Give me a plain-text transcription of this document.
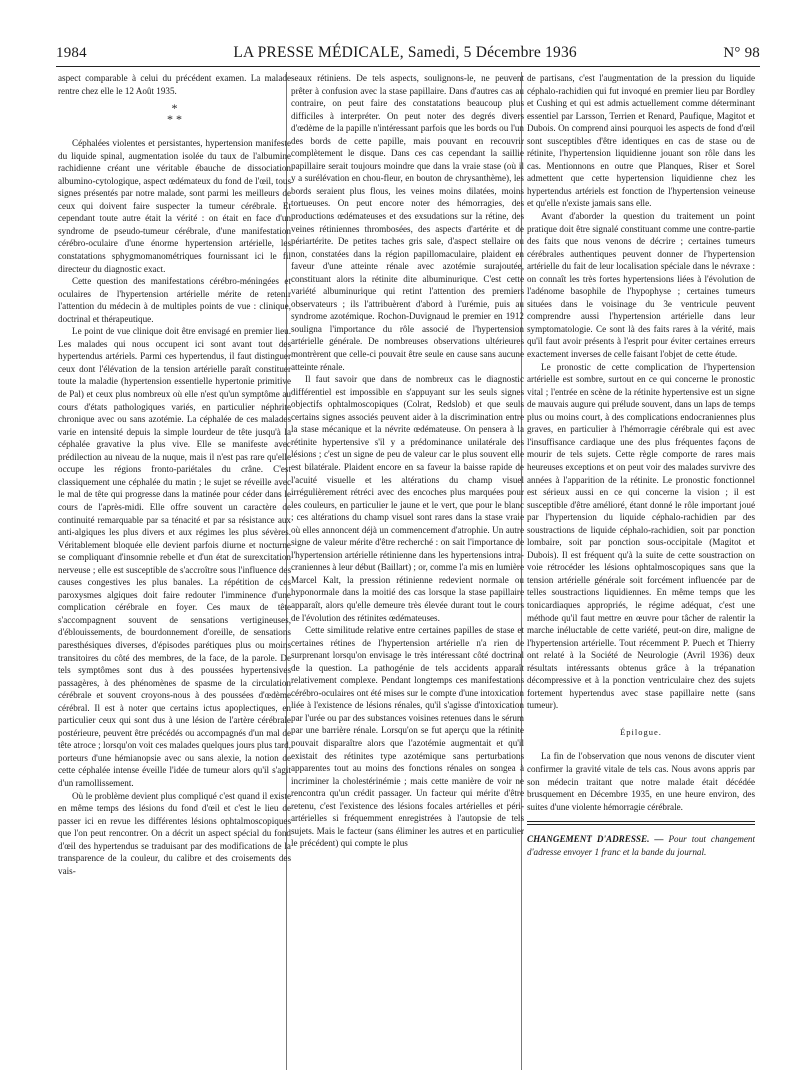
1984	LA PRESSE MÉDICALE, Samedi, 5 Décembre 1936	N° 98

aspect comparable à celui du précédent examen. La malade rentre chez elle le 12 Août 1935.

*
* *

Céphalées violentes et persistantes, hypertension manifeste du liquide spinal, augmentation isolée du taux de l'albumine rachidienne créant une véritable ébauche de dissociation albumino-cytologique, aspect œdémateux du fond de l'œil, tous signes présentés par notre malade, sont parmi les meilleurs de ceux qui doivent faire suspecter la tumeur cérébrale. Et cependant toute autre était la vérité : on était en face d'un syndrome de pseudo-tumeur cérébrale, d'une manifestation cérébro-oculaire d'une énorme hypertension artérielle, les constatations sphygmomanométriques fournissant ici le fil directeur du diagnostic exact.

Cette question des manifestations cérébro-méningées et oculaires de l'hypertension artérielle mérite de retenir l'attention du médecin à de multiples points de vue : clinique, doctrinal et thérapeutique.

Le point de vue clinique doit être envisagé en premier lieu. Les malades qui nous occupent ici sont avant tout des hypertendus artériels. Parmi ces hypertendus, il faut distinguer ceux dont l'élévation de la tension artérielle paraît constituer toute la maladie (hypertension essentielle hypertonie primitive de Pal) et ceux plus nombreux où elle n'est qu'un symptôme au cours d'états pathologiques variés, en particulier néphrite chronique avec ou sans azotémie. La céphalée de ces malades varie en intensité depuis la simple lourdeur de tête jusqu'à la céphalée gravative la plus vive. Elle se manifeste avec prédilection au niveau de la nuque, mais il n'est pas rare qu'elle occupe les régions fronto-pariétales du crâne. C'est classiquement une céphalée du matin ; le sujet se réveille avec le mal de tête qui progresse dans la matinée pour céder dans le cours de l'après-midi. Elle offre souvent un caractère de continuité remarquable par sa ténacité et par sa résistance aux anti-algiques les plus divers et aux régimes les plus sévères. Véritablement bloquée elle devient parfois diurne et nocturne se compliquant d'insomnie rebelle et d'un état de surexcitation nerveuse ; elle est susceptible de s'accroître sous l'influence des causes congestives les plus banales. La répétition de ces paroxysmes algiques doit faire redouter l'imminence d'une complication cérébrale en foyer. Ces maux de tête s'accompagnent souvent de sensations vertigineuses, d'éblouissements, de bourdonnement d'oreille, de sensations paresthésiques diverses, d'épisodes parétiques plus ou moins transitoires du côté des membres, de la face, de la parole. De tels symptômes sont dus à des poussées hypertensives passagères, à des phénomènes de spasme de la circulation cérébrale et souvent croyons-nous à des poussées d'œdème cérébral. Il est à noter que certains ictus apoplectiques, en particulier ceux qui sont dus à une lésion de l'artère cérébrale postérieure, peuvent être précédés ou accompagnés d'un mal de tête atroce ; lorsqu'on voit ces malades quelques jours plus tard, porteurs d'une hémianopsie avec ou sans alexie, la notion de cette céphalée intense éveille l'idée de tumeur alors qu'il s'agit d'un ramollissement.

Où le problème devient plus compliqué c'est quand il existe en même temps des lésions du fond d'œil et c'est le lieu de passer ici en revue les différentes lésions ophtalmoscopiques que l'on peut rencontrer. On a décrit un aspect spécial du fond d'œil des hypertendus se traduisant par des modifications de la transparence de la couleur, du calibre et des croisements des vais-

seaux rétiniens. De tels aspects, soulignons-le, ne peuvent prêter à confusion avec la stase papillaire. Dans d'autres cas au contraire, on peut faire des constatations beaucoup plus difficiles à interpréter. On peut noter des degrés divers d'œdème de la papille n'intéressant parfois que les bords ou l'un des bords de cette papille, mais pouvant en recouvrir complètement le disque. Dans ces cas cependant la saillie papillaire serait toujours moindre que dans la vraie stase (où il y a surélévation en chou-fleur, en bouton de chrysanthème), les bords seraient plus flous, les veines moins dilatées, moins tortueuses. On peut encore noter des hémorragies, des productions œdémateuses et des exsudations sur la rétine, des veines rétiniennes thrombosées, des aspects d'artérite et de périartérite. De petites taches gris sale, d'aspect stellaire ou non, constatées dans la région papillomaculaire, plaident en faveur d'une atteinte rénale avec azotémie surajoutée, constituant alors la rétinite dite albuminurique. C'est cette variété albuminurique qui retint l'attention des premiers observateurs ; ils l'attribuèrent d'abord à l'urémie, puis au syndrome azotémique. Rochon-Duvignaud le premier en 1912 souligna l'importance du rôle associé de l'hypertension artérielle générale. De nombreuses observations ultérieures montrèrent que celle-ci pouvait être seule en cause sans aucune atteinte rénale.

Il faut savoir que dans de nombreux cas le diagnostic différentiel est impossible en s'appuyant sur les seuls signes objectifs ophtalmoscopiques (Colrat, Redslob) et que seuls certains signes associés peuvent aider à la discrimination entre la stase mécanique et la névrite œdémateuse. On pensera à la rétinite hypertensive s'il y a prédominance unilatérale des lésions ; c'est un signe de peu de valeur car le plus souvent elle est bilatérale. Plaident encore en sa faveur la baisse rapide de l'acuité visuelle et les altérations du champ visuel irrégulièrement rétréci avec des encoches plus marquées pour les couleurs, en particulier le jaune et le vert, que pour le blanc ; ces altérations du champ visuel sont rares dans la stase vraie où elles annoncent déjà un commencement d'atrophie. Un autre signe de valeur mérite d'être recherché : on sait l'importance de l'hypertension artérielle rétinienne dans les hypertensions intra-craniennes à leur début (Baillart) ; or, comme l'a mis en lumière Marcel Kalt, la pression rétinienne redevient normale ou hyponormale dans la moitié des cas lorsque la stase papillaire apparaît, alors qu'elle demeure très élevée durant tout le cours de l'évolution des rétinites œdémateuses.

Cette similitude relative entre certaines papilles de stase et certaines rétines de l'hypertension artérielle n'a rien de surprenant lorsqu'on envisage le très intéressant côté doctrinal de la question. La pathogénie de tels accidents apparaît relativement complexe. Pendant longtemps ces manifestations cérébro-oculaires ont été mises sur le compte d'une intoxication liée à l'existence de lésions rénales, qu'il s'agisse d'intoxication par l'urée ou par des substances voisines retenues dans le sérum par une barrière rénale. Lorsqu'on se fut aperçu que la rétinite pouvait disparaître alors que l'azotémie augmentait et qu'il existait des rétinites type azotémique sans perturbations apparentes tout au moins des fonctions rénales on songea à incriminer la cholestérinémie ; mais cette manière de voir ne rencontra qu'un crédit passager. Un facteur qui mérite d'être retenu, c'est l'existence des lésions focales artérielles et péri-artérielles si fréquemment enregistrées à l'autopsie de tels sujets. Mais le facteur (sans éliminer les autres et en particulier le précédent) qui compte le plus

de partisans, c'est l'augmentation de la pression du liquide céphalo-rachidien qui fut invoqué en premier lieu par Bordley et Cushing et qui est admis actuellement comme déterminant essentiel par Larsson, Terrien et Renard, Paufique, Magitot et Dubois. On comprend ainsi pourquoi les aspects de fond d'œil sont susceptibles d'être identiques en cas de stase ou de rétinite, l'hypertension liquidienne jouant son rôle dans les cas. Mentionnons en outre que Planques, Riser et Sorel admettent que cette hypertension liquidienne chez les hypertendus artériels est fonction de l'hypertension veineuse et qu'elle n'existe jamais sans elle.

Avant d'aborder la question du traitement un point pratique doit être signalé constituant comme une contre-partie des faits que nous venons de décrire ; certaines tumeurs cérébrales authentiques peuvent donner de l'hypertension artérielle du fait de leur localisation spéciale dans le névraxe : on connaît les très fortes hypertensions liées à l'évolution de l'adénome basophile de l'hypophyse ; certaines tumeurs situées dans le voisinage du 3e ventricule peuvent comprendre aussi l'hypertension artérielle dans leur symptomatologie. Ce sont là des faits rares à la vérité, mais qu'il faut avoir présents à l'esprit pour éviter certaines erreurs exactement inverses de celle faisant l'objet de cette étude.

Le pronostic de cette complication de l'hypertension artérielle est sombre, surtout en ce qui concerne le pronostic vital ; l'entrée en scène de la rétinite hypertensive est un signe de mauvais augure qui prélude souvent, dans un laps de temps plus ou moins court, à des complications endocraniennes plus graves, en particulier à l'hémorragie cérébrale qui est avec l'insuffisance cardiaque une des plus fréquentes façons de mourir de tels sujets. Cette règle comporte de rares mais heureuses exceptions et on peut voir des malades survivre des années à l'apparition de la rétinite. Le pronostic fonctionnel est sérieux aussi en ce qui concerne la vision ; il est susceptible d'être amélioré, étant donné le rôle important joué par l'hypertension du liquide céphalo-rachidien par des soustractions de liquide céphalo-rachidien, soit par ponction lombaire, soit par ponction sous-occipitale (Magitot et Dubois). Il est fréquent qu'à la suite de cette soustraction on voie rétrocéder les lésions ophtalmoscopiques sans que la tension artérielle générale soit forcément influencée par de telles soustractions liquidiennes. En même temps que les tonicardiaques appropriés, le régime adéquat, c'est une méthode qu'il faut mettre en œuvre pour tâcher de ralentir la marche inéluctable de cette variété, peut-on dire, maligne de l'hypertension artérielle. Tout récemment P. Puech et Thierry ont relaté à la Société de Neurologie (Avril 1936) deux résultats intéressants obtenus grâce à la trépanation décompressive et à la ponction ventriculaire chez des sujets fortement hypertendus avec stase papillaire nette (sans tumeur).

Épilogue.

La fin de l'observation que nous venons de discuter vient confirmer la gravité vitale de tels cas. Nous avons appris par son médecin traitant que notre malade était décédée brusquement en Décembre 1935, en une heure environ, des suites d'une violente hémorragie cérébrale.

CHANGEMENT D'ADRESSE. — Pour tout changement d'adresse envoyer 1 franc et la bande du journal.
